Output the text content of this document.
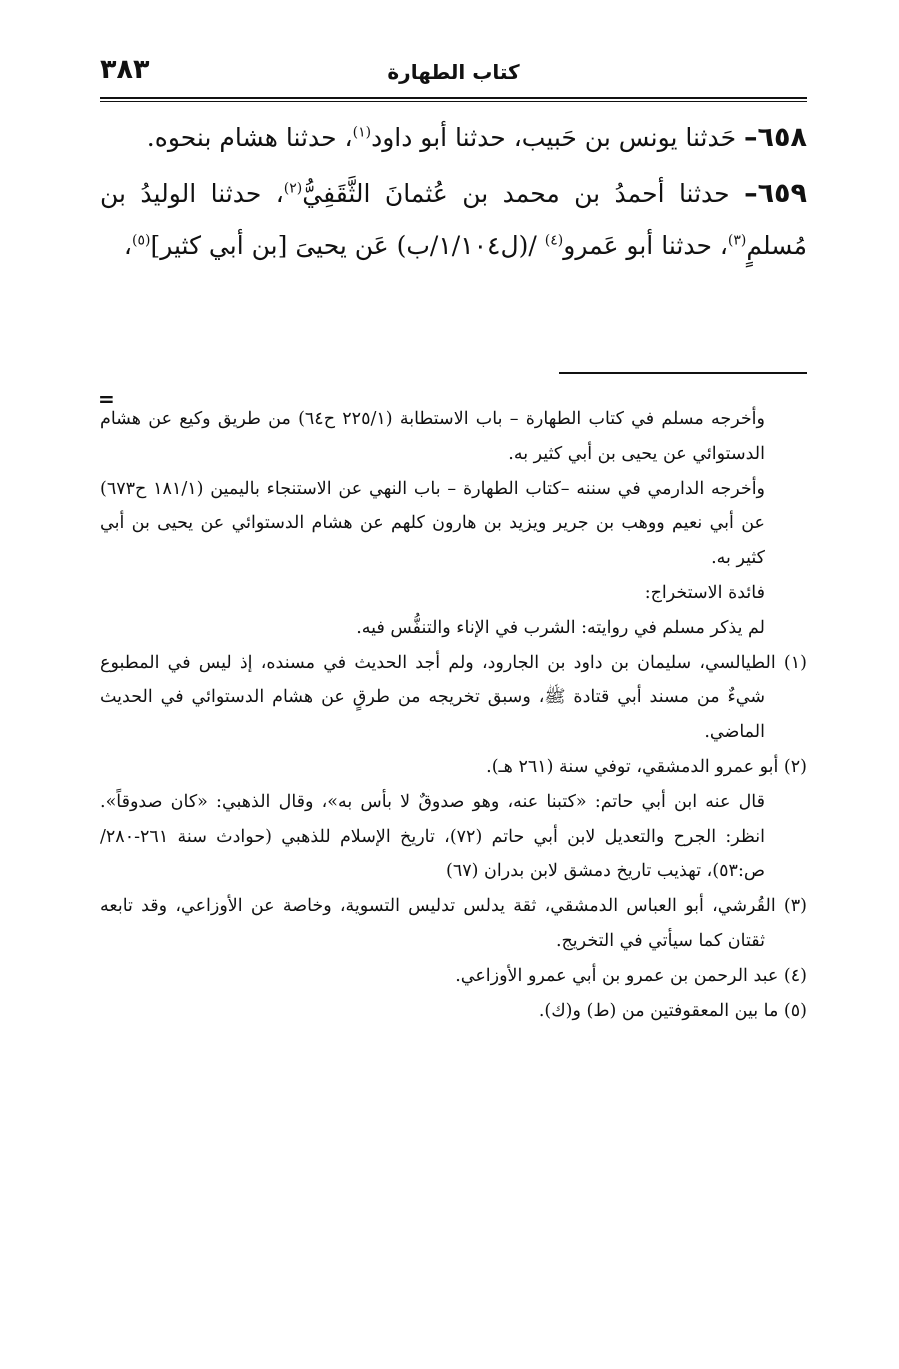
٣٨٣	كتاب الطهارة

٦٥٨– حَدثنا يونس بن حَبيب، حدثنا أبو داود$^{(١)}$، حدثنا هشام بنحوه.

٦٥٩– حدثنا أحمدُ بن محمد بن عُثمانَ الثَّقَفِيُّ$^{(٢)}$، حدثنا الوليدُ بن مُسلمٍ$^{(٣)}$، حدثنا أبو عَمرو$^{(٤)}$ /(ل١/١٠٤/ب) عَن يحيىَ [بن أبي كثير]$^{(٥)}$،

=

وأخرجه مسلم في كتاب الطهارة – باب الاستطابة (٢٢٥/١ ح٦٤) من طريق وكيع عن هشام الدستوائي عن يحيى بن أبي كثير به.

وأخرجه الدارمي في سننه –كتاب الطهارة – باب النهي عن الاستنجاء باليمين (١٨١/١ ح٦٧٣) عن أبي نعيم ووهب بن جرير ويزيد بن هارون كلهم عن هشام الدستوائي عن يحيى بن أبي كثير به.

فائدة الاستخراج:

لم يذكر مسلم في روايته: الشرب في الإناء والتنفُّس فيه.

(١) الطيالسي، سليمان بن داود بن الجارود، ولم أجد الحديث في مسنده، إذ ليس في المطبوع شيءٌ من مسند أبي قتادة ﷺ، وسبق تخريجه من طرقٍ عن هشام الدستوائي في الحديث الماضي.

(٢) أبو عمرو الدمشقي، توفي سنة (٢٦١ هـ).

قال عنه ابن أبي حاتم: «كتبنا عنه، وهو صدوقٌ لا بأس به»، وقال الذهبي: «كان صدوقاً». انظر: الجرح والتعديل لابن أبي حاتم (٧٢)، تاريخ الإسلام للذهبي (حوادث سنة ٢٦١-٢٨٠/ص:٥٣)، تهذيب تاريخ دمشق لابن بدران (٦٧)

(٣) القُرشي، أبو العباس الدمشقي، ثقة يدلس تدليس التسوية، وخاصة عن الأوزاعي، وقد تابعه ثقتان كما سيأتي في التخريج.

(٤) عبد الرحمن بن عمرو بن أبي عمرو الأوزاعي.

(٥) ما بين المعقوفتين من (ط) و(ك).
